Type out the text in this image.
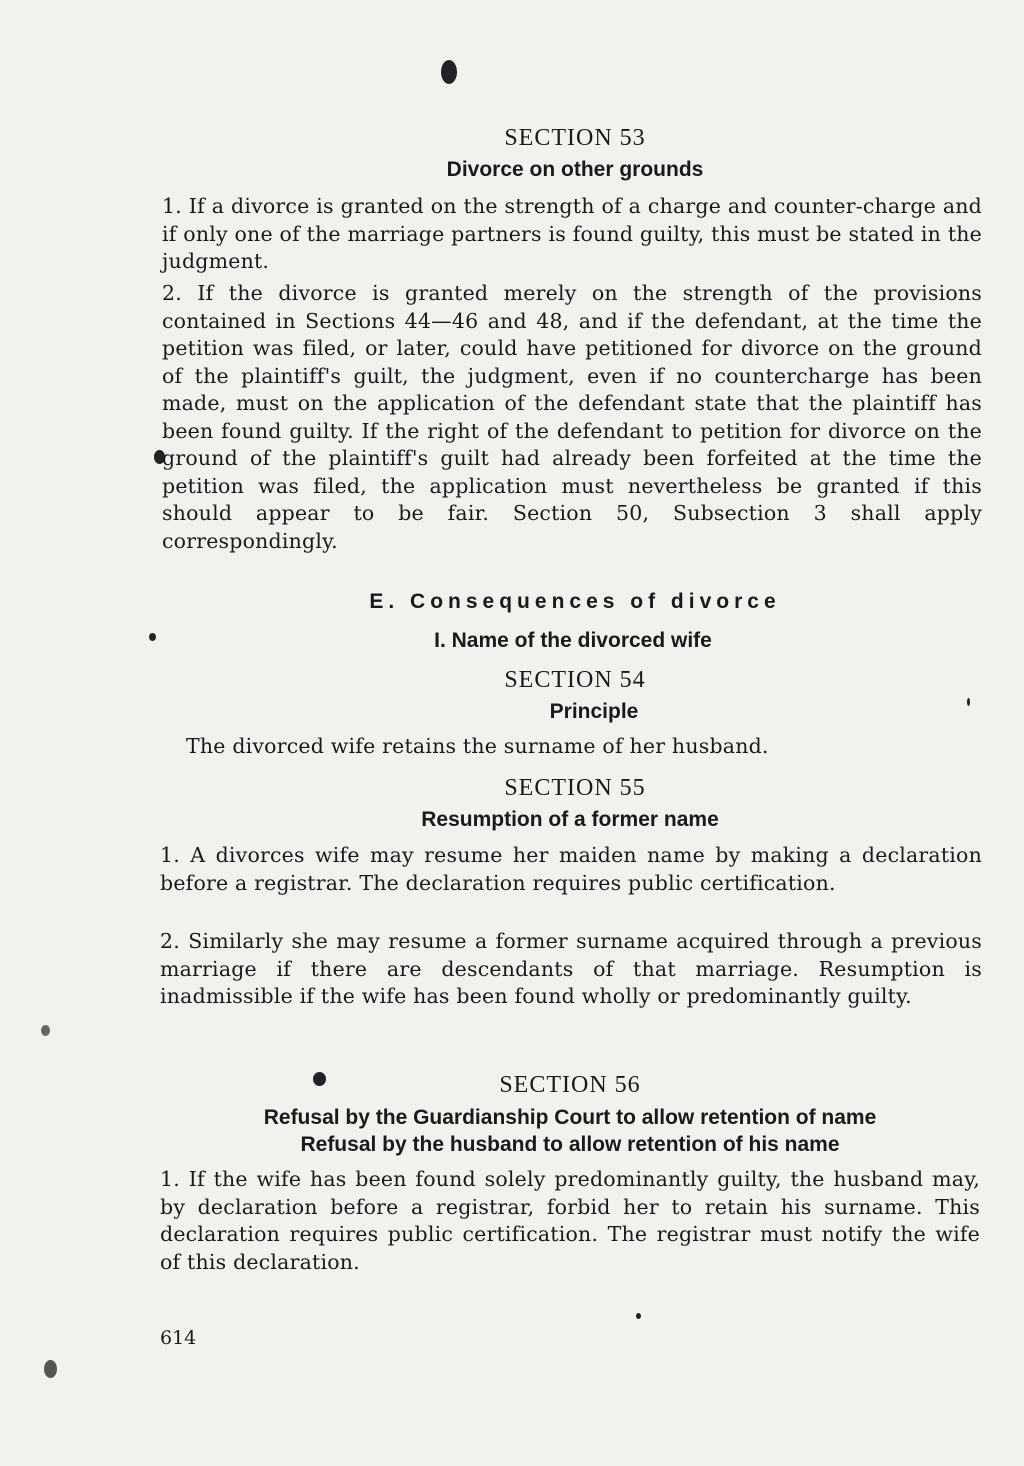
SECTION 53
Divorce on other grounds

1. If a divorce is granted on the strength of a charge and counter-charge and if only one of the marriage partners is found guilty, this must be stated in the judgment.

2. If the divorce is granted merely on the strength of the provisions contained in Sections 44—46 and 48, and if the defendant, at the time the petition was filed, or later, could have petitioned for divorce on the ground of the plaintiff's guilt, the judgment, even if no countercharge has been made, must on the application of the defendant state that the plaintiff has been found guilty. If the right of the defendant to petition for divorce on the ground of the plaintiff's guilt had already been forfeited at the time the petition was filed, the application must nevertheless be granted if this should appear to be fair. Section 50, Subsection 3 shall apply correspondingly.

E. Consequences of divorce
I. Name of the divorced wife
SECTION 54
Principle

The divorced wife retains the surname of her husband.

SECTION 55
Resumption of a former name

1. A divorces wife may resume her maiden name by making a declaration before a registrar. The declaration requires public certification.

2. Similarly she may resume a former surname acquired through a previous marriage if there are descendants of that marriage. Resumption is inadmissible if the wife has been found wholly or predominantly guilty.

SECTION 56
Refusal by the Guardianship Court to allow retention of name
Refusal by the husband to allow retention of his name

1. If the wife has been found solely predominantly guilty, the husband may, by declaration before a registrar, forbid her to retain his surname. This declaration requires public certification. The registrar must notify the wife of this declaration.

614
